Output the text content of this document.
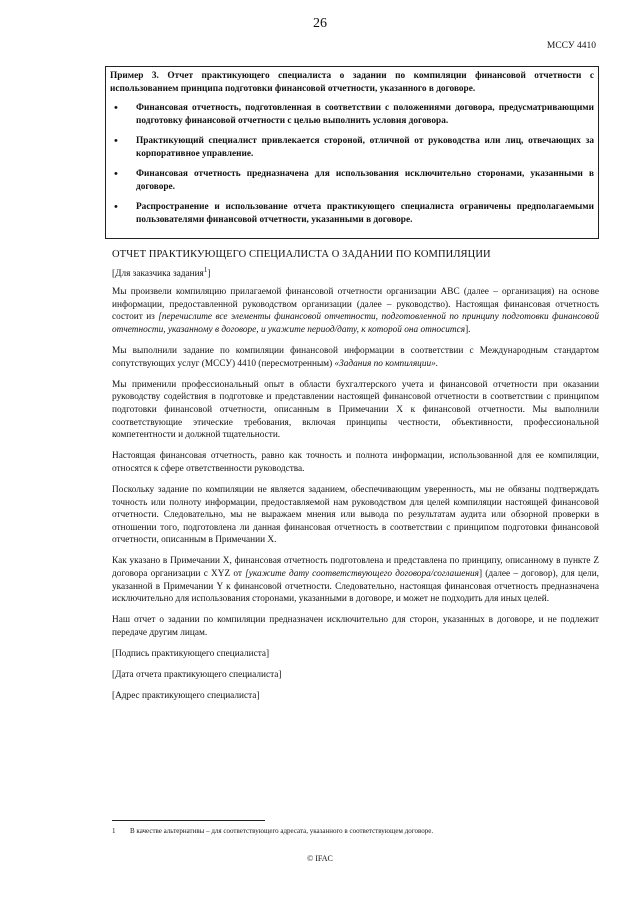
26
МССУ 4410

Пример 3. Отчет практикующего специалиста о задании по компиляции финансовой отчетности с использованием принципа подготовки финансовой отчетности, указанного в договоре.

• Финансовая отчетность, подготовленная в соответствии с положениями договора, предусматривающими подготовку финансовой отчетности с целью выполнить условия договора.
• Практикующий специалист привлекается стороной, отличной от руководства или лиц, отвечающих за корпоративное управление.
• Финансовая отчетность предназначена для использования исключительно сторонами, указанными в договоре.
• Распространение и использование отчета практикующего специалиста ограничены предполагаемыми пользователями финансовой отчетности, указанными в договоре.
ОТЧЕТ ПРАКТИКУЮЩЕГО СПЕЦИАЛИСТА О ЗАДАНИИ ПО КОМПИЛЯЦИИ
[Для заказчика задания$^1$]

Мы произвели компиляцию прилагаемой финансовой отчетности организации ABC (далее – организация) на основе информации, предоставленной руководством организации (далее – руководство). Настоящая финансовая отчетность состоит из [перечислите все элементы финансовой отчетности, подготовленной по принципу подготовки финансовой отчетности, указанному в договоре, и укажите период/дату, к которой она относится].

Мы выполнили задание по компиляции финансовой информации в соответствии с Международным стандартом сопутствующих услуг (МССУ) 4410 (пересмотренным) «Задания по компиляции».

Мы применили профессиональный опыт в области бухгалтерского учета и финансовой отчетности при оказании руководству содействия в подготовке и представлении настоящей финансовой отчетности в соответствии с принципом подготовки финансовой отчетности, описанным в Примечании X к финансовой отчетности. Мы выполнили соответствующие этические требования, включая принципы честности, объективности, профессиональной компетентности и должной тщательности.

Настоящая финансовая отчетность, равно как точность и полнота информации, использованной для ее компиляции, относятся к сфере ответственности руководства.

Поскольку задание по компиляции не является заданием, обеспечивающим уверенность, мы не обязаны подтверждать точность или полноту информации, предоставляемой нам руководством для целей компиляции настоящей финансовой отчетности. Следовательно, мы не выражаем мнения или вывода по результатам аудита или обзорной проверки в отношении того, подготовлена ли данная финансовая отчетность в соответствии с принципом подготовки финансовой отчетности, описанным в Примечании X.

Как указано в Примечании X, финансовая отчетность подготовлена и представлена по принципу, описанному в пункте Z договора организации с XYZ от [укажите дату соответствующего договора/соглашения] (далее – договор), для цели, указанной в Примечании Y к финансовой отчетности. Следовательно, настоящая финансовая отчетность предназначена исключительно для использования сторонами, указанными в договоре, и может не подходить для иных целей.

Наш отчет о задании по компиляции предназначен исключительно для сторон, указанных в договоре, и не подлежит передаче другим лицам.

[Подпись практикующего специалиста]

[Дата отчета практикующего специалиста]

[Адрес практикующего специалиста]

1 В качестве альтернативы – для соответствующего адресата, указанного в соответствующем договоре.
© IFAC
